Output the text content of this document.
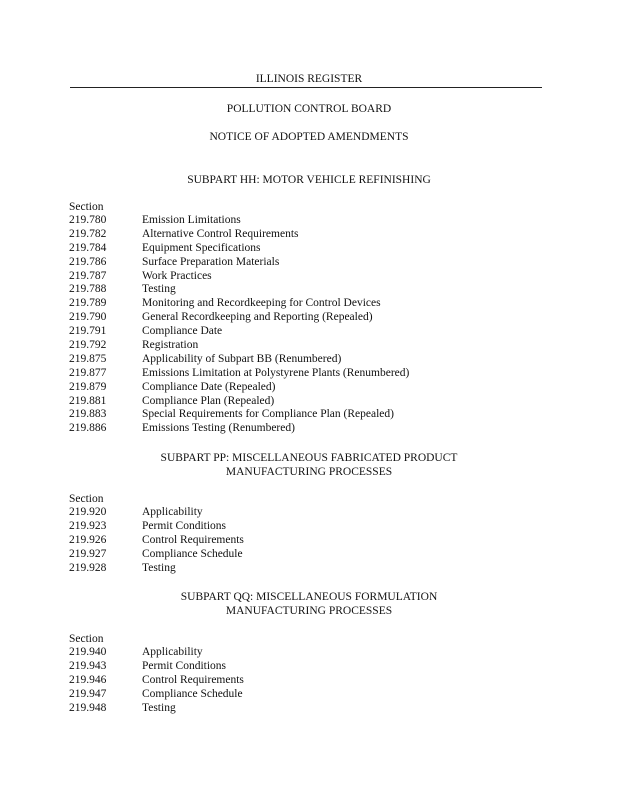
ILLINOIS REGISTER
POLLUTION CONTROL BOARD
NOTICE OF ADOPTED AMENDMENTS
SUBPART HH: MOTOR VEHICLE REFINISHING
Section
219.780	Emission Limitations
219.782	Alternative Control Requirements
219.784	Equipment Specifications
219.786	Surface Preparation Materials
219.787	Work Practices
219.788	Testing
219.789	Monitoring and Recordkeeping for Control Devices
219.790	General Recordkeeping and Reporting (Repealed)
219.791	Compliance Date
219.792	Registration
219.875	Applicability of Subpart BB (Renumbered)
219.877	Emissions Limitation at Polystyrene Plants (Renumbered)
219.879	Compliance Date (Repealed)
219.881	Compliance Plan (Repealed)
219.883	Special Requirements for Compliance Plan (Repealed)
219.886	Emissions Testing (Renumbered)
SUBPART PP: MISCELLANEOUS FABRICATED PRODUCT
MANUFACTURING PROCESSES
Section
219.920	Applicability
219.923	Permit Conditions
219.926	Control Requirements
219.927	Compliance Schedule
219.928	Testing
SUBPART QQ: MISCELLANEOUS FORMULATION
MANUFACTURING PROCESSES
Section
219.940	Applicability
219.943	Permit Conditions
219.946	Control Requirements
219.947	Compliance Schedule
219.948	Testing
